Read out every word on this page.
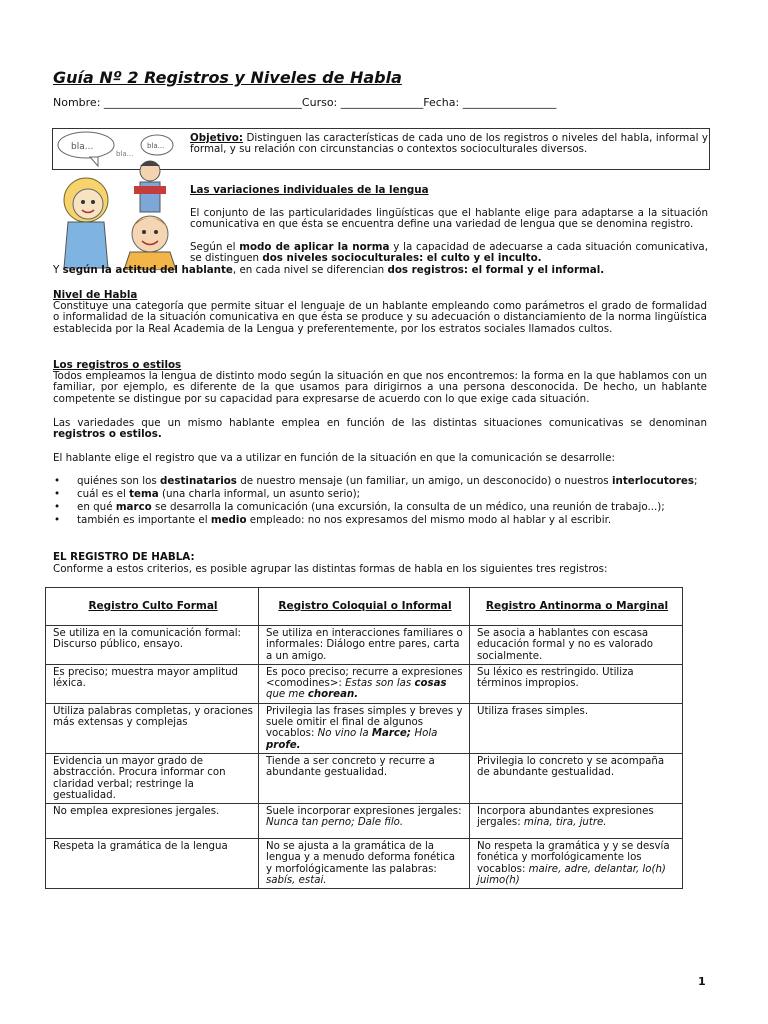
Guía Nº 2 Registros y Niveles de Habla
Nombre: ____________________________________Curso: _______________Fecha: _________________
bla...
bla...
bla...
Objetivo: Distinguen las características de cada uno de los registros o niveles del habla, informal y formal, y su relación con circunstancias o contextos socioculturales diversos.
Las variaciones individuales de la lengua
El conjunto de las particularidades lingüísticas que el hablante elige para adaptarse a la situación comunicativa en que ésta se encuentra define una variedad de lengua que se denomina registro.
Según el modo de aplicar la norma y la capacidad de adecuarse a cada situación comunicativa, se distinguen dos niveles socioculturales: el culto y el inculto.
Y según la actitud del hablante, en cada nivel se diferencian dos registros: el formal y el informal.
Nivel de Habla
Constituye una categoría que permite situar el lenguaje de un hablante empleando como parámetros el grado de formalidad o informalidad de la situación comunicativa en que ésta se produce y su adecuación o distanciamiento de la norma lingüística establecida por la Real Academia de la Lengua y preferentemente, por los estratos sociales llamados cultos.
Los registros o estilos
Todos empleamos la lengua de distinto modo según la situación en que nos encontremos: la forma en la que hablamos con un familiar, por ejemplo, es diferente de la que usamos para dirigirnos a una persona desconocida. De hecho, un hablante competente se distingue por su capacidad para expresarse de acuerdo con lo que exige cada situación.
Las variedades que un mismo hablante emplea en función de las distintas situaciones comunicativas se denominan registros o estilos.
El hablante elige el registro que va a utilizar en función de la situación en que la comunicación se desarrolle:
• quiénes son los destinatarios de nuestro mensaje (un familiar, un amigo, un desconocido) o nuestros interlocutores;
• cuál es el tema (una charla informal, un asunto serio);
• en qué marco se desarrolla la comunicación (una excursión, la consulta de un médico, una reunión de trabajo...);
• también es importante el medio empleado: no nos expresamos del mismo modo al hablar y al escribir.
EL REGISTRO DE HABLA:
Conforme a estos criterios, es posible agrupar las distintas formas de habla en los siguientes tres registros:
Registro Culto Formal	Registro Coloquial o Informal	Registro Antinorma o Marginal
Se utiliza en la comunicación formal: Discurso público, ensayo.	Se utiliza en interacciones familiares o informales: Diálogo entre pares, carta a un amigo.	Se asocia a hablantes con escasa educación formal y no es valorado socialmente.
Es preciso; muestra mayor amplitud léxica.	Es poco preciso; recurre a expresiones <comodines>: Estas son las cosas que me chorean.	Su léxico es restringido. Utiliza términos impropios.
Utiliza palabras completas, y oraciones más extensas y complejas	Privilegia las frases simples y breves y suele omitir el final de algunos vocablos: No vino la Marce; Hola profe.	Utiliza frases simples.
Evidencia un mayor grado de abstracción. Procura informar con claridad verbal; restringe la gestualidad.	Tiende a ser concreto y recurre a abundante gestualidad.	Privilegia lo concreto y se acompaña de abundante gestualidad.
No emplea expresiones jergales.	Suele incorporar expresiones jergales: Nunca tan perno; Dale filo.	Incorpora abundantes expresiones jergales: mina, tira, jutre.
Respeta la gramática de la lengua	No se ajusta a la gramática de la lengua y a menudo deforma fonética y morfológicamente las palabras: sabís, estai.	No respeta la gramática y y se desvía fonética y morfológicamente los vocablos: maire, adre, delantar, lo(h) juimo(h)
1
